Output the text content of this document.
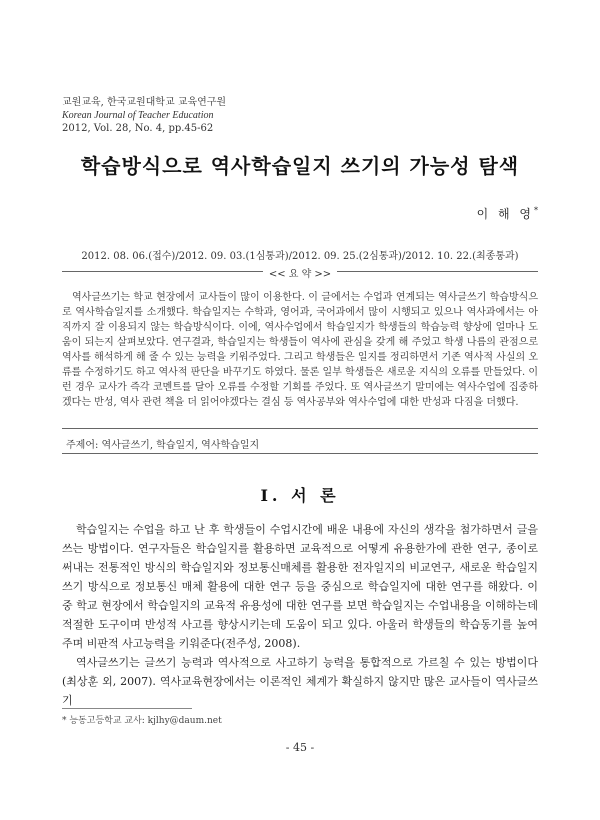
교원교육, 한국교원대학교 교육연구원
Korean Journal of Teacher Education
2012, Vol. 28, No. 4, pp.45-62
학습방식으로 역사학습일지 쓰기의 가능성 탐색
이 해 영*
2012. 08. 06.(접수)/2012. 09. 03.(1심통과)/2012. 09. 25.(2심통과)/2012. 10. 22.(최종통과)
<< 요 약 >>
역사글쓰기는 학교 현장에서 교사들이 많이 이용한다. 이 글에서는 수업과 연계되는 역사글쓰기 학습방식으로 역사학습일지를 소개했다. 학습일지는 수학과, 영어과, 국어과에서 많이 시행되고 있으나 역사과에서는 아직까지 잘 이용되지 않는 학습방식이다. 이에, 역사수업에서 학습일지가 학생들의 학습능력 향상에 얼마나 도움이 되는지 살펴보았다. 연구결과, 학습일지는 학생들이 역사에 관심을 갖게 해 주었고 학생 나름의 관점으로 역사를 해석하게 해 줄 수 있는 능력을 키워주었다. 그리고 학생들은 일지를 정리하면서 기존 역사적 사실의 오류를 수정하기도 하고 역사적 판단을 바꾸기도 하였다. 물론 일부 학생들은 새로운 지식의 오류를 만들었다. 이런 경우 교사가 즉각 코멘트를 달아 오류를 수정할 기회를 주었다. 또 역사글쓰기 말미에는 역사수업에 집중하겠다는 반성, 역사 관련 책을 더 읽어야겠다는 결심 등 역사공부와 역사수업에 대한 반성과 다짐을 더했다.
주제어: 역사글쓰기, 학습일지, 역사학습일지
Ⅰ. 서 론

학습일지는 수업을 하고 난 후 학생들이 수업시간에 배운 내용에 자신의 생각을 첨가하면서 글을 쓰는 방법이다. 연구자들은 학습일지를 활용하면 교육적으로 어떻게 유용한가에 관한 연구, 종이로 써내는 전통적인 방식의 학습일지와 정보통신매체를 활용한 전자일지의 비교연구, 새로운 학습일지 쓰기 방식으로 정보통신 매체 활용에 대한 연구 등을 중심으로 학습일지에 대한 연구를 해왔다. 이 중 학교 현장에서 학습일지의 교육적 유용성에 대한 연구를 보면 학습일지는 수업내용을 이해하는데 적절한 도구이며 반성적 사고를 향상시키는데 도움이 되고 있다. 아울러 학생들의 학습동기를 높여주며 비판적 사고능력을 키워준다(전주성, 2008).

역사글쓰기는 글쓰기 능력과 역사적으로 사고하기 능력을 통합적으로 가르칠 수 있는 방법이다(최상훈 외, 2007). 역사교육현장에서는 이론적인 체계가 확실하지 않지만 많은 교사들이 역사글쓰기

* 능동고등학교 교사: kjlhy@daum.net
- 45 -
